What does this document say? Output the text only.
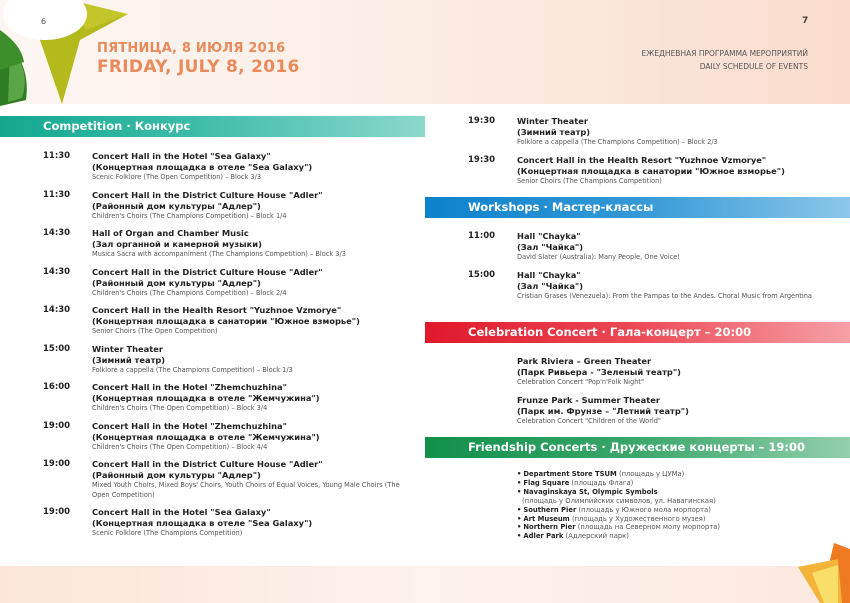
6	7
ПЯТНИЦА, 8 ИЮЛЯ 2016
FRIDAY, JULY 8, 2016
ЕЖЕДНЕВНАЯ ПРОГРАММА МЕРОПРИЯТИЙ
DAILY SCHEDULE OF EVENTS
Competition · Конкурс
11:30	Concert Hall in the Hotel "Sea Galaxy"
(Концертная площадка в отеле "Sea Galaxy")
Scenic Folklore (The Open Competition) – Block 3/3
11:30	Concert Hall in the District Culture House "Adler"
(Районный дом культуры "Адлер")
Children's Choirs (The Champions Competition) – Block 1/4
14:30	Hall of Organ and Chamber Music
(Зал органной и камерной музыки)
Musica Sacra with accompaniment (The Champions Competition) – Block 3/3
14:30	Concert Hall in the District Culture House "Adler"
(Районный дом культуры "Адлер")
Children's Choirs (The Champions Competition) – Block 2/4
14:30	Concert Hall in the Health Resort "Yuzhnoe Vzmorye"
(Концертная площадка в санатории "Южное взморье")
Senior Choirs (The Open Competition)
15:00	Winter Theater
(Зимний театр)
Folklore a cappella (The Champions Competition) – Block 1/3
16:00	Concert Hall in the Hotel "Zhemchuzhina"
(Концертная площадка в отеле "Жемчужина")
Children's Choirs (The Open Competition) – Block 3/4
19:00	Concert Hall in the Hotel "Zhemchuzhina"
(Концертная площадка в отеле "Жемчужина")
Children's Choirs (The Open Competition) – Block 4/4
19:00	Concert Hall in the District Culture House "Adler"
(Районный дом культуры "Адлер")
Mixed Youth Choirs, Mixed Boys' Choirs, Youth Choirs of Equal Voices, Young Male Choirs (The Open Competition)
19:00	Concert Hall in the Hotel "Sea Galaxy"
(Концертная площадка в отеле "Sea Galaxy")
Scenic Folklore (The Champions Competition)
19:30	Winter Theater
(Зимний театр)
Folklore a cappella (The Champions Competition) – Block 2/3
19:30	Concert Hall in the Health Resort "Yuzhnoe Vzmorye"
(Концертная площадка в санатории "Южное взморье")
Senior Choirs (The Champions Competition)
Workshops · Мастер-классы
11:00	Hall "Chayka"
(Зал "Чайка")
David Slater (Australia): Many People, One Voice!
15:00	Hall "Chayka"
(Зал "Чайка")
Cristian Grases (Venezuela): From the Pampas to the Andes. Choral Music from Argentina
Celebration Concert · Гала-концерт – 20:00
Park Riviera – Green Theater
(Парк Ривьера - "Зеленый театр")
Celebration Concert "Pop'n'Folk Night"
Frunze Park - Summer Theater
(Парк им. Фрунзе – "Летний театр")
Celebration Concert "Children of the World"
Friendship Concerts · Дружеские концерты – 19:00
• Department Store TSUM (площадь у ЦУМа)
• Flag Square (площадь Флага)
• Navaginskaya St, Olympic Symbols
(площадь у Олимпийских символов, ул. Навагинская)
• Southern Pier (площадь у Южного мола морпорта)
• Art Museum (площадь у Художественного музея)
• Northern Pier (площадь на Северном молу морпорта)
• Adler Park (Адлерский парк)
